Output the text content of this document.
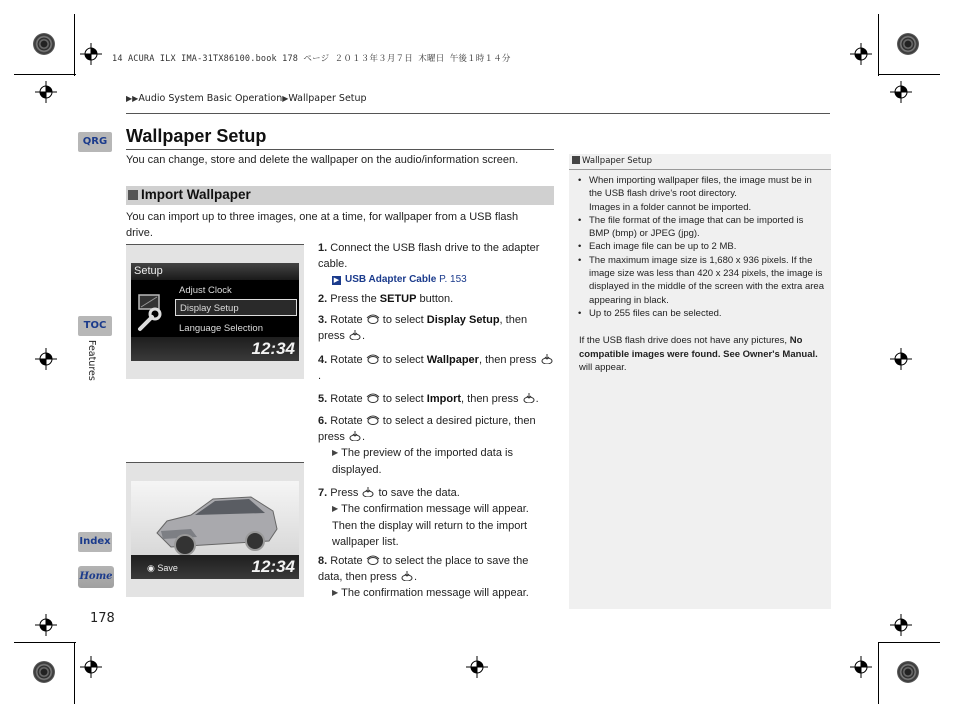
14 ACURA ILX IMA-31TX86100.book 178 ページ ２０１３年３月７日 木曜日 午後１時１４分
▶▶Audio System Basic Operation▶Wallpaper Setup
QRG
TOC
Features
Index
Home
178
Wallpaper Setup
You can change, store and delete the wallpaper on the audio/information screen.
Import Wallpaper
You can import up to three images, one at a time, for wallpaper from a USB flash drive.
Setup
Adjust Clock
Display Setup
Language Selection
12:34
◉ Save	12:34
1. Connect the USB flash drive to the adapter cable.
▶ USB Adapter Cable P. 153
2. Press the SETUP button.
3. Rotate  to select Display Setup, then press .
4. Rotate  to select Wallpaper, then press .
5. Rotate  to select Import, then press .
6. Rotate  to select a desired picture, then press .
▶ The preview of the imported data is displayed.
7. Press  to save the data.
▶ The confirmation message will appear. Then the display will return to the import wallpaper list.
8. Rotate  to select the place to save the data, then press .
▶ The confirmation message will appear.
Wallpaper Setup
• When importing wallpaper files, the image must be in the USB flash drive's root directory.
Images in a folder cannot be imported.
• The file format of the image that can be imported is BMP (bmp) or JPEG (jpg).
• Each image file can be up to 2 MB.
• The maximum image size is 1,680 x 936 pixels. If the image size was less than 420 x 234 pixels, the image is displayed in the middle of the screen with the extra area appearing in black.
• Up to 255 files can be selected.
If the USB flash drive does not have any pictures, No compatible images were found. See Owner's Manual. will appear.
